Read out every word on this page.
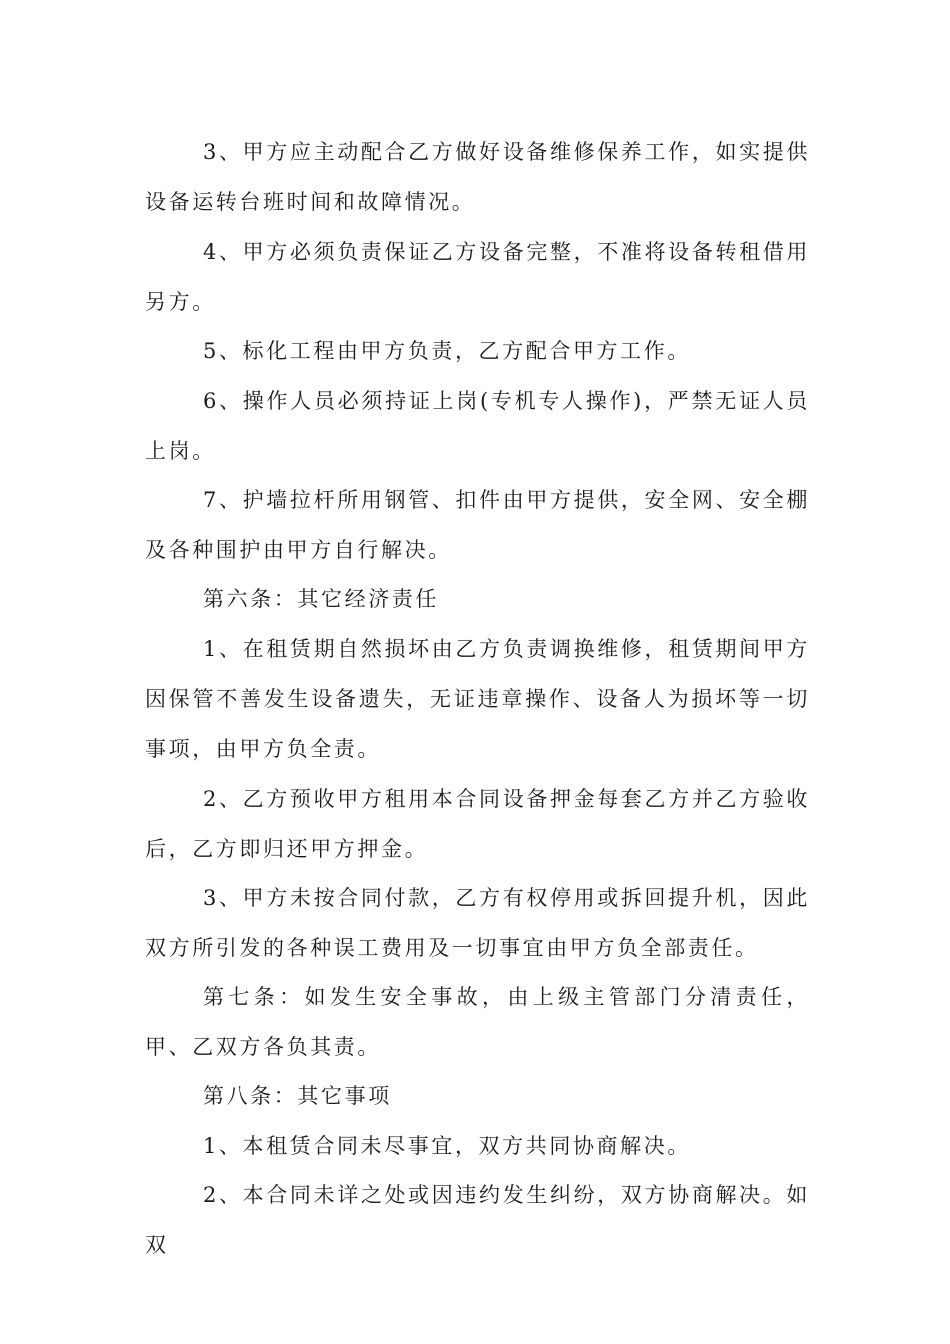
3、甲方应主动配合乙方做好设备维修保养工作，如实提供设备运转台班时间和故障情况。

4、甲方必须负责保证乙方设备完整，不准将设备转租借用另方。

5、标化工程由甲方负责，乙方配合甲方工作。

6、操作人员必须持证上岗(专机专人操作)，严禁无证人员上岗。

7、护墙拉杆所用钢管、扣件由甲方提供，安全网、安全棚及各种围护由甲方自行解决。

第六条：其它经济责任

1、在租赁期自然损坏由乙方负责调换维修，租赁期间甲方因保管不善发生设备遗失，无证违章操作、设备人为损坏等一切事项，由甲方负全责。

2、乙方预收甲方租用本合同设备押金每套乙方并乙方验收后，乙方即归还甲方押金。

3、甲方未按合同付款，乙方有权停用或拆回提升机，因此双方所引发的各种误工费用及一切事宜由甲方负全部责任。

第七条：如发生安全事故，由上级主管部门分清责任，甲、乙双方各负其责。

第八条：其它事项

1、本租赁合同未尽事宜，双方共同协商解决。

2、本合同未详之处或因违约发生纠纷，双方协商解决。如双
